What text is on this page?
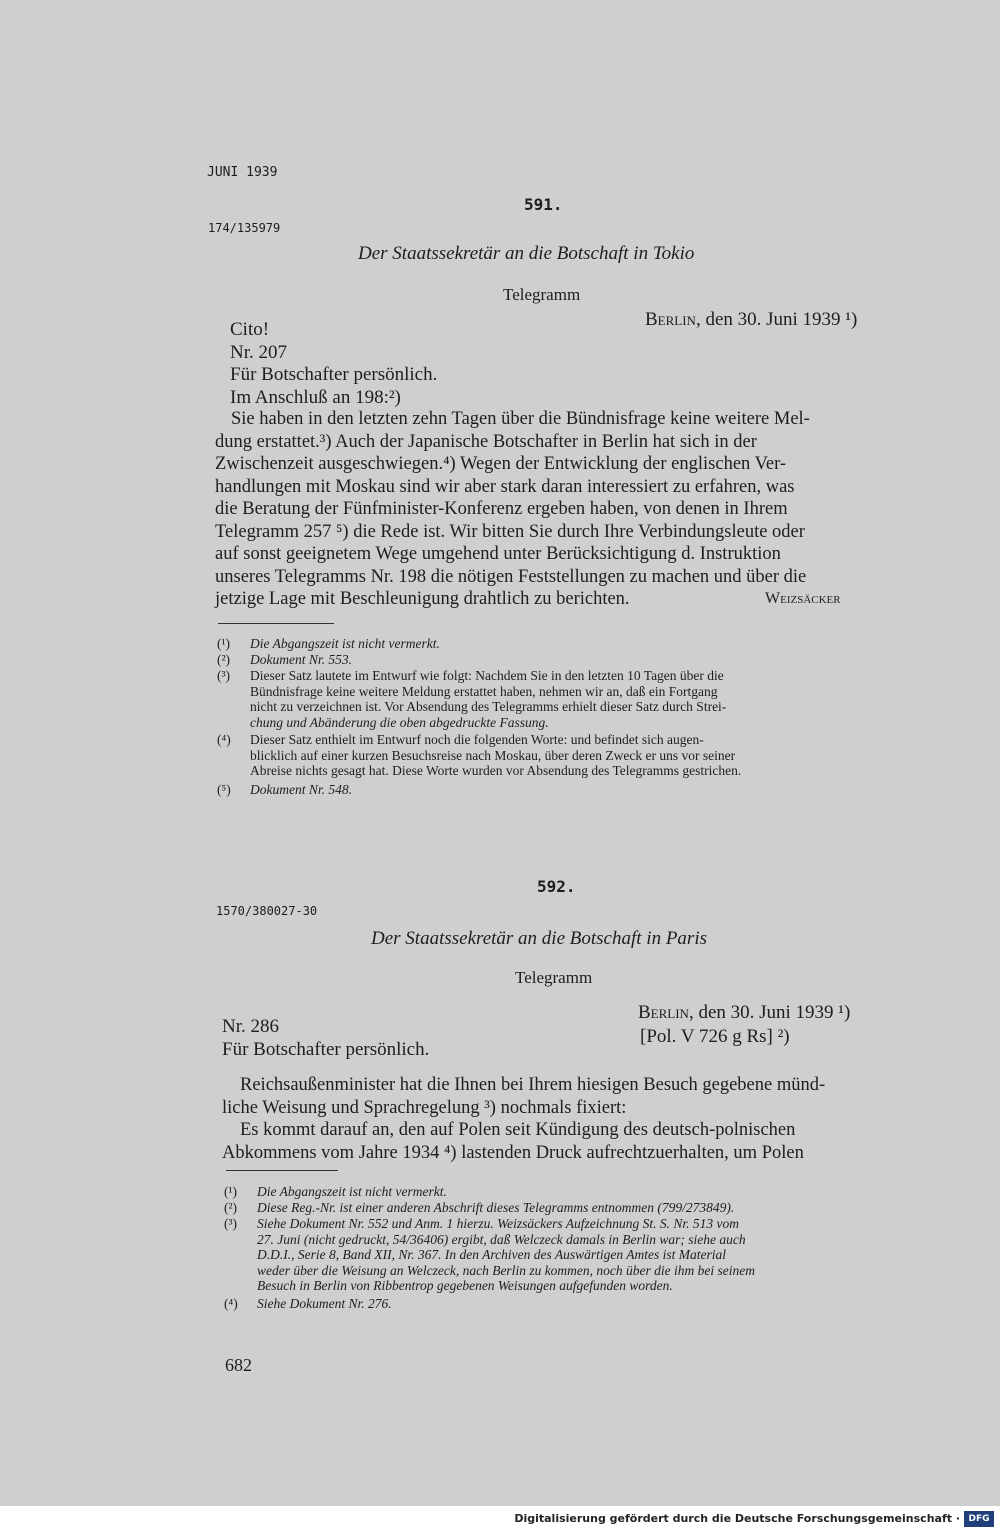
JUNI 1939
591.
174/135979
Der Staatssekretär an die Botschaft in Tokio
Telegramm
Berlin, den 30. Juni 1939 ¹)
Cito!
Nr. 207
Für Botschafter persönlich.
Im Anschluß an 198:²)
Sie haben in den letzten zehn Tagen über die Bündnisfrage keine weitere Mel-
dung erstattet.³) Auch der Japanische Botschafter in Berlin hat sich in der
Zwischenzeit ausgeschwiegen.⁴) Wegen der Entwicklung der englischen Ver-
handlungen mit Moskau sind wir aber stark daran interessiert zu erfahren, was
die Beratung der Fünfminister-Konferenz ergeben haben, von denen in Ihrem
Telegramm 257 ⁵) die Rede ist. Wir bitten Sie durch Ihre Verbindungsleute oder
auf sonst geeignetem Wege umgehend unter Berücksichtigung d. Instruktion
unseres Telegramms Nr. 198 die nötigen Feststellungen zu machen und über die
jetzige Lage mit Beschleunigung drahtlich zu berichten.	Weizsäcker
(¹)	Die Abgangszeit ist nicht vermerkt.
(²)	Dokument Nr. 553.
(³)	Dieser Satz lautete im Entwurf wie folgt: Nachdem Sie in den letzten 10 Tagen über die
Bündnisfrage keine weitere Meldung erstattet haben, nehmen wir an, daß ein Fortgang
nicht zu verzeichnen ist. Vor Absendung des Telegramms erhielt dieser Satz durch Strei-
chung und Abänderung die oben abgedruckte Fassung.
(⁴)	Dieser Satz enthielt im Entwurf noch die folgenden Worte: und befindet sich augen-
blicklich auf einer kurzen Besuchsreise nach Moskau, über deren Zweck er uns vor seiner
Abreise nichts gesagt hat. Diese Worte wurden vor Absendung des Telegramms gestrichen.
(⁵)	Dokument Nr. 548.
592.
1570/380027-30
Der Staatssekretär an die Botschaft in Paris
Telegramm
Berlin, den 30. Juni 1939 ¹)
[Pol. V 726 g Rs] ²)
Nr. 286
Für Botschafter persönlich.
Reichsaußenminister hat die Ihnen bei Ihrem hiesigen Besuch gegebene münd-
liche Weisung und Sprachregelung ³) nochmals fixiert:
Es kommt darauf an, den auf Polen seit Kündigung des deutsch-polnischen
Abkommens vom Jahre 1934 ⁴) lastenden Druck aufrechtzuerhalten, um Polen
(¹)	Die Abgangszeit ist nicht vermerkt.
(²)	Diese Reg.-Nr. ist einer anderen Abschrift dieses Telegramms entnommen (799/273849).
(³)	Siehe Dokument Nr. 552 und Anm. 1 hierzu. Weizsäckers Aufzeichnung St. S. Nr. 513 vom
27. Juni (nicht gedruckt, 54/36406) ergibt, daß Welczeck damals in Berlin war; siehe auch
D.D.I., Serie 8, Band XII, Nr. 367. In den Archiven des Auswärtigen Amtes ist Material
weder über die Weisung an Welczeck, nach Berlin zu kommen, noch über die ihm bei seinem
Besuch in Berlin von Ribbentrop gegebenen Weisungen aufgefunden worden.
(⁴)	Siehe Dokument Nr. 276.
682
Digitalisierung gefördert durch die Deutsche Forschungsgemeinschaft · DFG
